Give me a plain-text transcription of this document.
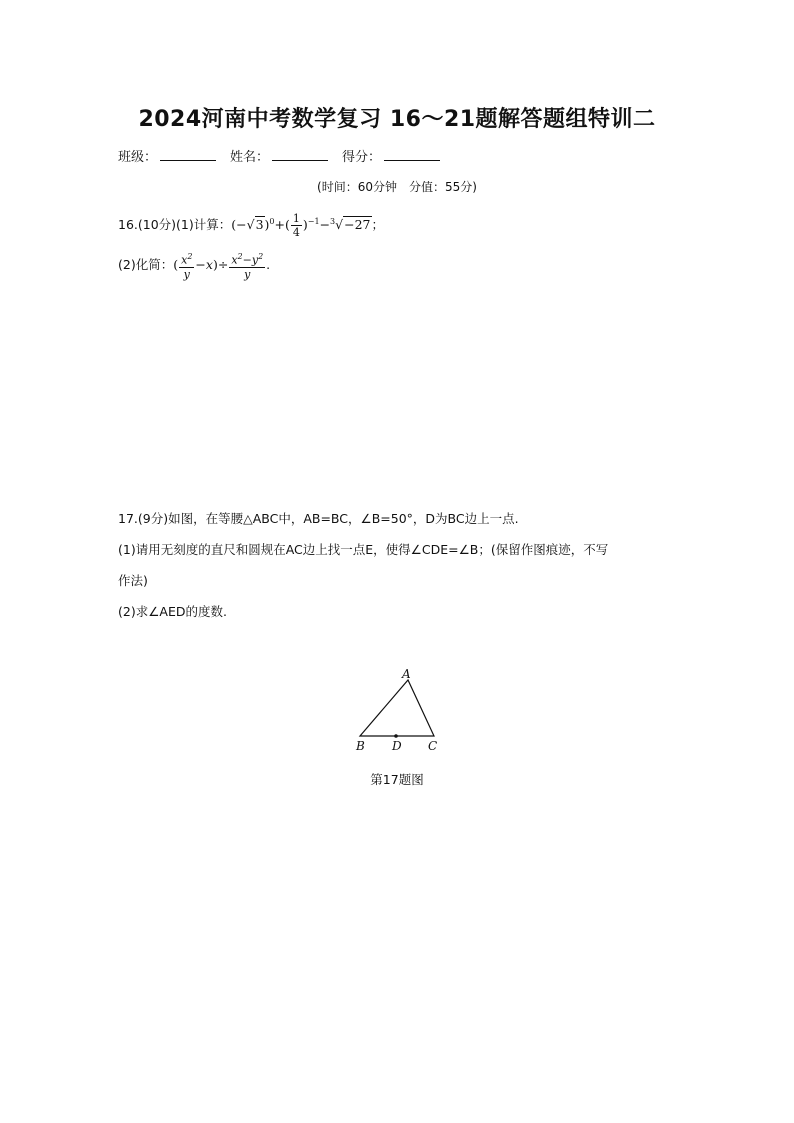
2024河南中考数学复习 16～21题解答题组特训二
班级：	姓名：	得分：
(时间：60分钟　分值：55分)
16.(10分)(1)计算：$(-√3)^0+( \frac{1}{4} )^{-1}-^3√-27$；
(2)化简：( $\frac{x^2}{y} -x)\div \frac{x^2-y^2}{y}$ .
17.(9分)如图，在等腰△ABC中，AB=BC，∠B=50°，D为BC边上一点.
(1)请用无刻度的直尺和圆规在AC边上找一点E，使得∠CDE=∠B；(保留作图痕迹，不写
作法)
(2)求∠AED的度数.
A
B D C
第17题图
